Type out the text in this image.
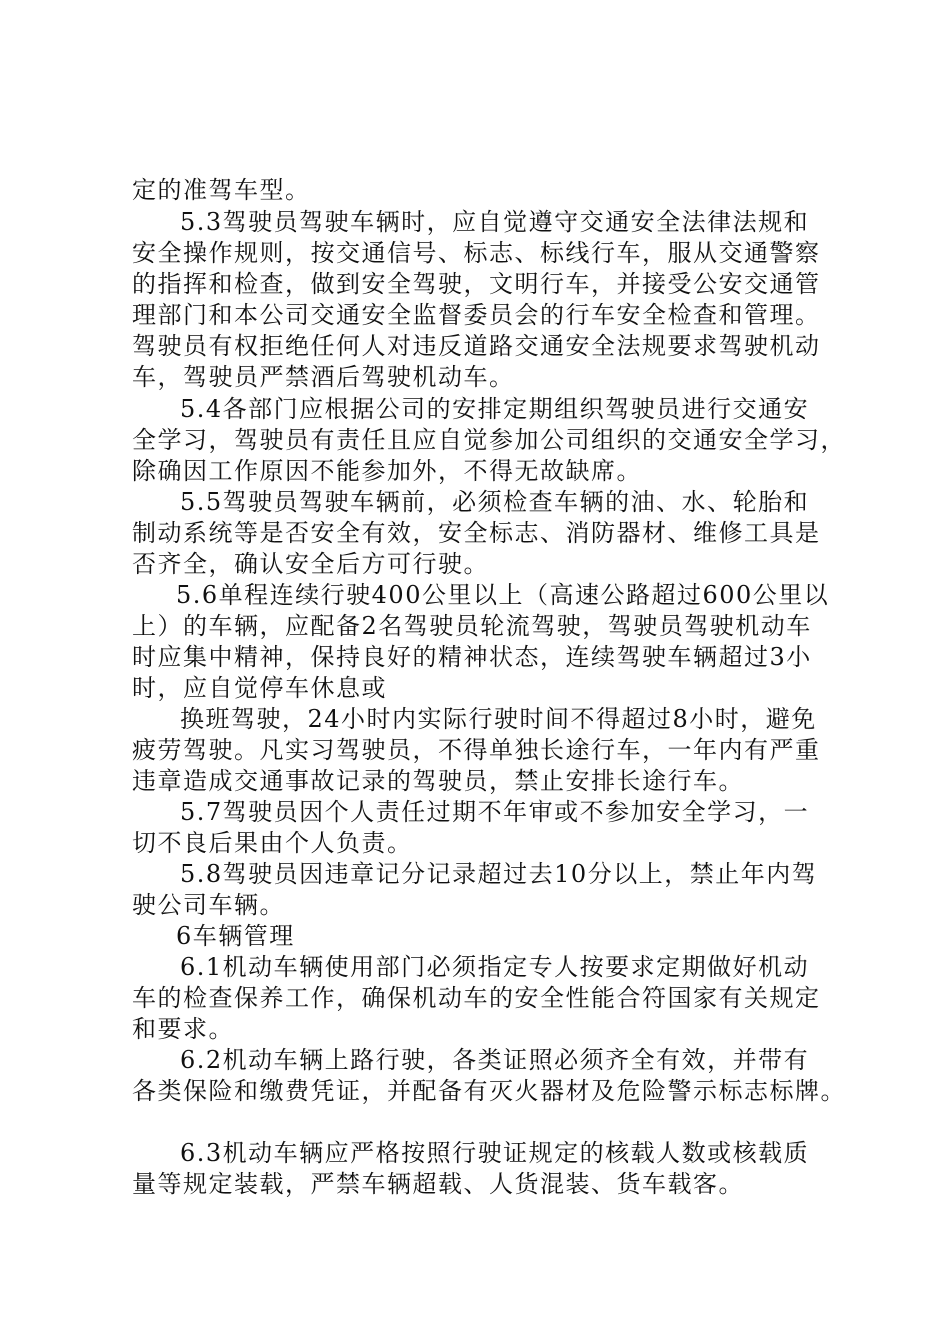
定的准驾车型。
5.3驾驶员驾驶车辆时，应自觉遵守交通安全法律法规和
安全操作规则，按交通信号、标志、标线行车，服从交通警察
的指挥和检查，做到安全驾驶，文明行车，并接受公安交通管
理部门和本公司交通安全监督委员会的行车安全检查和管理。
驾驶员有权拒绝任何人对违反道路交通安全法规要求驾驶机动
车，驾驶员严禁酒后驾驶机动车。
5.4各部门应根据公司的安排定期组织驾驶员进行交通安
全学习，驾驶员有责任且应自觉参加公司组织的交通安全学习，
除确因工作原因不能参加外，不得无故缺席。
5.5驾驶员驾驶车辆前，必须检查车辆的油、水、轮胎和
制动系统等是否安全有效，安全标志、消防器材、维修工具是
否齐全，确认安全后方可行驶。
5.6单程连续行驶400公里以上（高速公路超过600公里以
上）的车辆，应配备2名驾驶员轮流驾驶，驾驶员驾驶机动车
时应集中精神，保持良好的精神状态，连续驾驶车辆超过3小
时，应自觉停车休息或
换班驾驶，24小时内实际行驶时间不得超过8小时，避免
疲劳驾驶。凡实习驾驶员，不得单独长途行车，一年内有严重
违章造成交通事故记录的驾驶员，禁止安排长途行车。
5.7驾驶员因个人责任过期不年审或不参加安全学习，一
切不良后果由个人负责。
5.8驾驶员因违章记分记录超过去10分以上，禁止年内驾
驶公司车辆。
6车辆管理
6.1机动车辆使用部门必须指定专人按要求定期做好机动
车的检查保养工作，确保机动车的安全性能合符国家有关规定
和要求。
6.2机动车辆上路行驶，各类证照必须齐全有效，并带有
各类保险和缴费凭证，并配备有灭火器材及危险警示标志标牌。
6.3机动车辆应严格按照行驶证规定的核载人数或核载质
量等规定装载，严禁车辆超载、人货混装、货车载客。
